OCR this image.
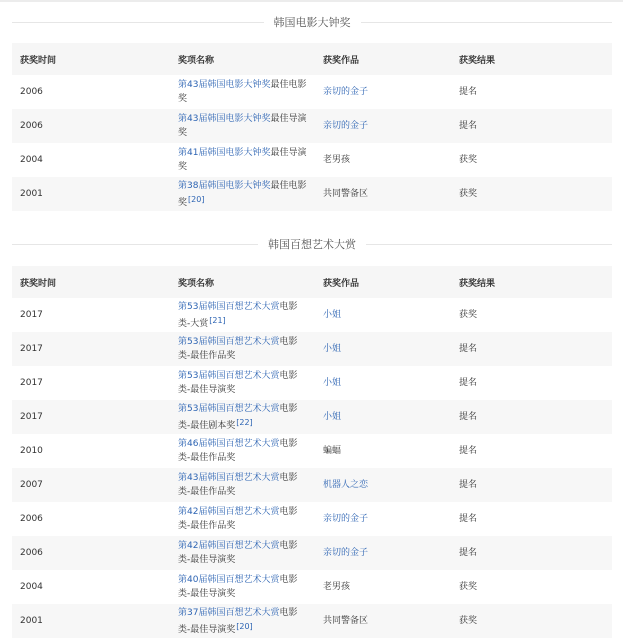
韩国电影大钟奖
获奖时间	奖项名称	获奖作品	获奖结果
2006	第43届韩国电影大钟奖最佳电影奖	亲切的金子	提名
2006	第43届韩国电影大钟奖最佳导演奖	亲切的金子	提名
2004	第41届韩国电影大钟奖最佳导演奖	老男孩	获奖
2001	第38届韩国电影大钟奖最佳电影奖[20]	共同警备区	获奖
韩国百想艺术大赏
获奖时间	奖项名称	获奖作品	获奖结果
2017	第53届韩国百想艺术大赏电影类-大赏[21]	小姐	获奖
2017	第53届韩国百想艺术大赏电影类-最佳作品奖	小姐	提名
2017	第53届韩国百想艺术大赏电影类-最佳导演奖	小姐	提名
2017	第53届韩国百想艺术大赏电影类-最佳剧本奖[22]	小姐	提名
2010	第46届韩国百想艺术大赏电影类-最佳作品奖	蝙蝠	提名
2007	第43届韩国百想艺术大赏电影类-最佳作品奖	机器人之恋	提名
2006	第42届韩国百想艺术大赏电影类-最佳作品奖	亲切的金子	提名
2006	第42届韩国百想艺术大赏电影类-最佳导演奖	亲切的金子	提名
2004	第40届韩国百想艺术大赏电影类-最佳导演奖	老男孩	获奖
2001	第37届韩国百想艺术大赏电影类-最佳导演奖[20]	共同警备区	获奖
